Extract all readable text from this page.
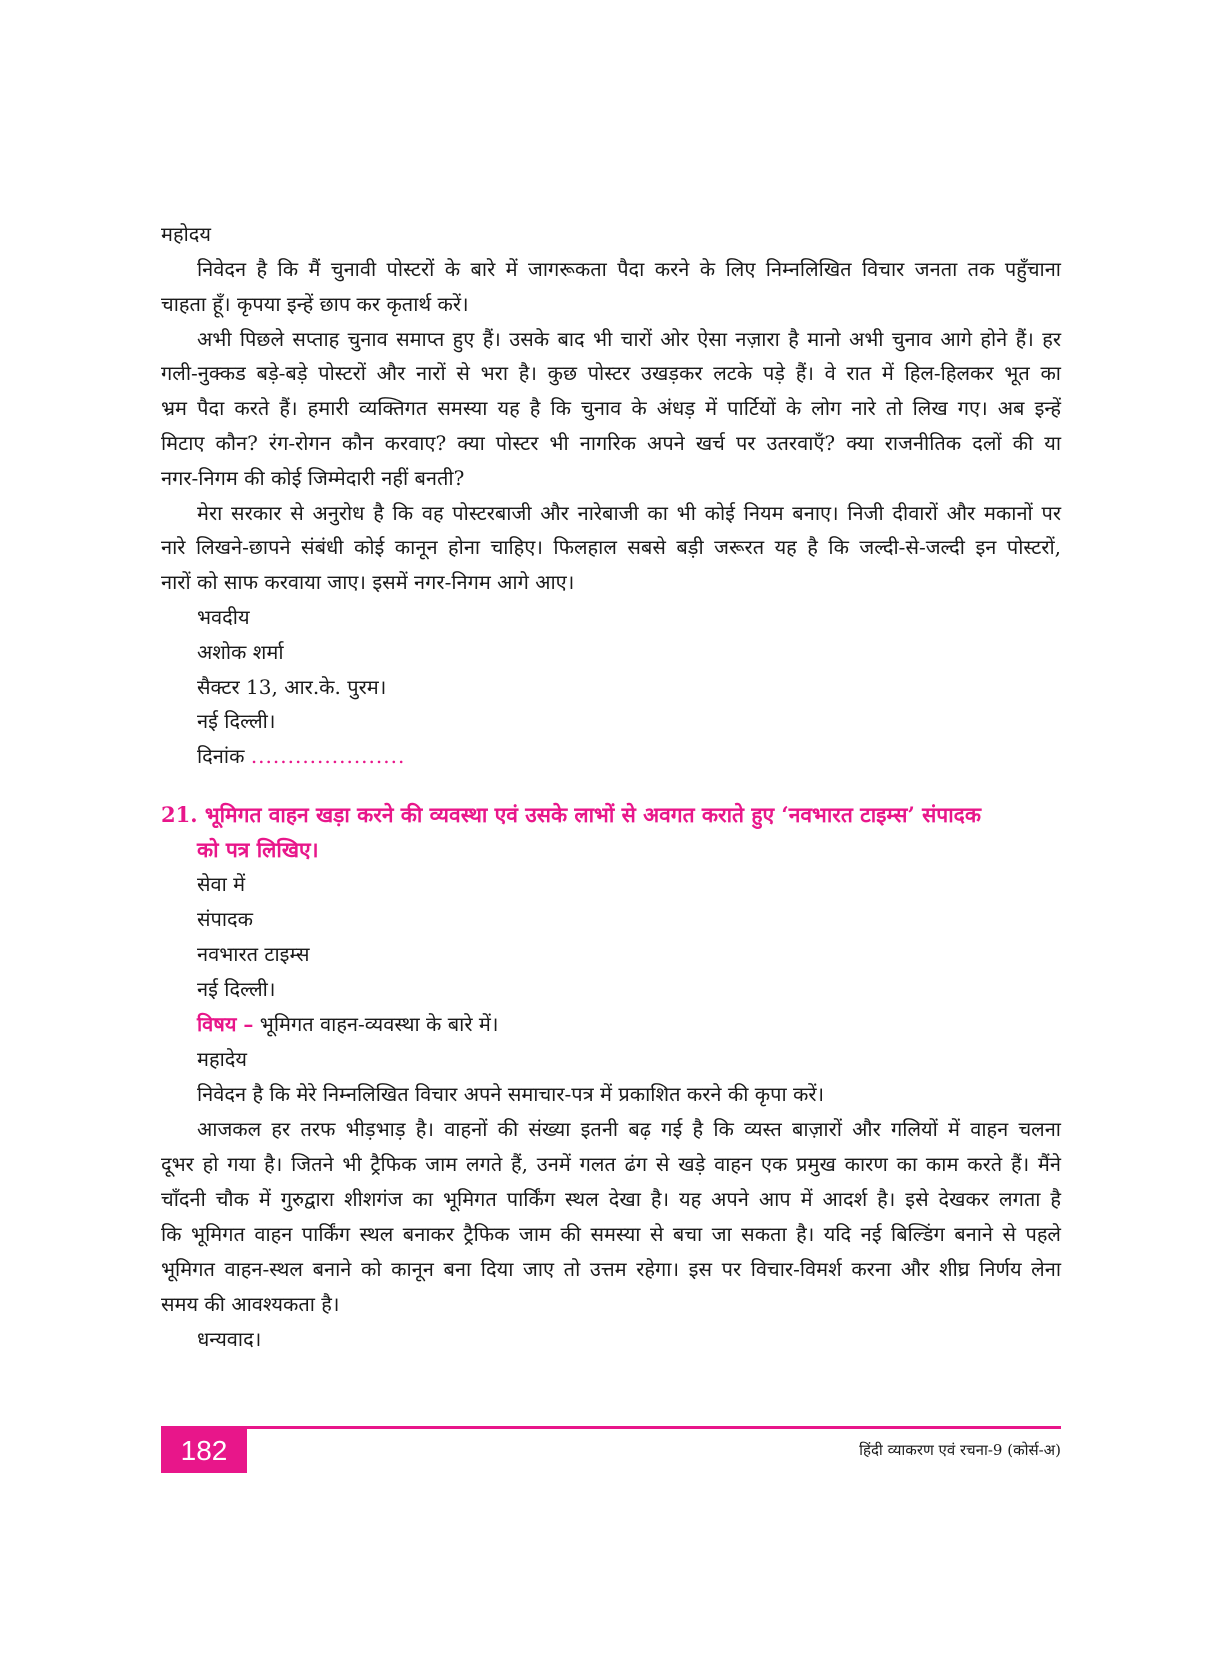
महोदय
निवेदन है कि मैं चुनावी पोस्टरों के बारे में जागरूकता पैदा करने के लिए निम्नलिखित विचार जनता तक पहुँचाना
चाहता हूँ। कृपया इन्हें छाप कर कृतार्थ करें।
अभी पिछले सप्ताह चुनाव समाप्त हुए हैं। उसके बाद भी चारों ओर ऐसा नज़ारा है मानो अभी चुनाव आगे होने हैं। हर
गली-नुक्कड बड़े-बड़े पोस्टरों और नारों से भरा है। कुछ पोस्टर उखड़कर लटके पड़े हैं। वे रात में हिल-हिलकर भूत का
भ्रम पैदा करते हैं। हमारी व्यक्तिगत समस्या यह है कि चुनाव के अंधड़ में पार्टियों के लोग नारे तो लिख गए। अब इन्हें
मिटाए कौन? रंग-रोगन कौन करवाए? क्या पोस्टर भी नागरिक अपने खर्च पर उतरवाएँ? क्या राजनीतिक दलों की या
नगर-निगम की कोई जिम्मेदारी नहीं बनती?
मेरा सरकार से अनुरोध है कि वह पोस्टरबाजी और नारेबाजी का भी कोई नियम बनाए। निजी दीवारों और मकानों पर
नारे लिखने-छापने संबंधी कोई कानून होना चाहिए। फिलहाल सबसे बड़ी जरूरत यह है कि जल्दी-से-जल्दी इन पोस्टरों,
नारों को साफ करवाया जाए। इसमें नगर-निगम आगे आए।
भवदीय
अशोक शर्मा
सैक्टर 13, आर.के. पुरम।
नई दिल्ली।
दिनांक .....................
21. भूमिगत वाहन खड़ा करने की व्यवस्था एवं उसके लाभों से अवगत कराते हुए ‘नवभारत टाइम्स’ संपादक
को पत्र लिखिए।
सेवा में
संपादक
नवभारत टाइम्स
नई दिल्ली।
विषय – भूमिगत वाहन-व्यवस्था के बारे में।
महादेय
निवेदन है कि मेरे निम्नलिखित विचार अपने समाचार-पत्र में प्रकाशित करने की कृपा करें।
आजकल हर तरफ भीड़भाड़ है। वाहनों की संख्या इतनी बढ़ गई है कि व्यस्त बाज़ारों और गलियों में वाहन चलना
दूभर हो गया है। जितने भी ट्रैफिक जाम लगते हैं, उनमें गलत ढंग से खड़े वाहन एक प्रमुख कारण का काम करते हैं। मैंने
चाँदनी चौक में गुरुद्वारा शीशगंज का भूमिगत पार्किंग स्थल देखा है। यह अपने आप में आदर्श है। इसे देखकर लगता है
कि भूमिगत वाहन पार्किंग स्थल बनाकर ट्रैफिक जाम की समस्या से बचा जा सकता है। यदि नई बिल्डिंग बनाने से पहले
भूमिगत वाहन-स्थल बनाने को कानून बना दिया जाए तो उत्तम रहेगा। इस पर विचार-विमर्श करना और शीघ्र निर्णय लेना
समय की आवश्यकता है।
धन्यवाद।
182	हिंदी व्याकरण एवं रचना-9 (कोर्स-अ)
